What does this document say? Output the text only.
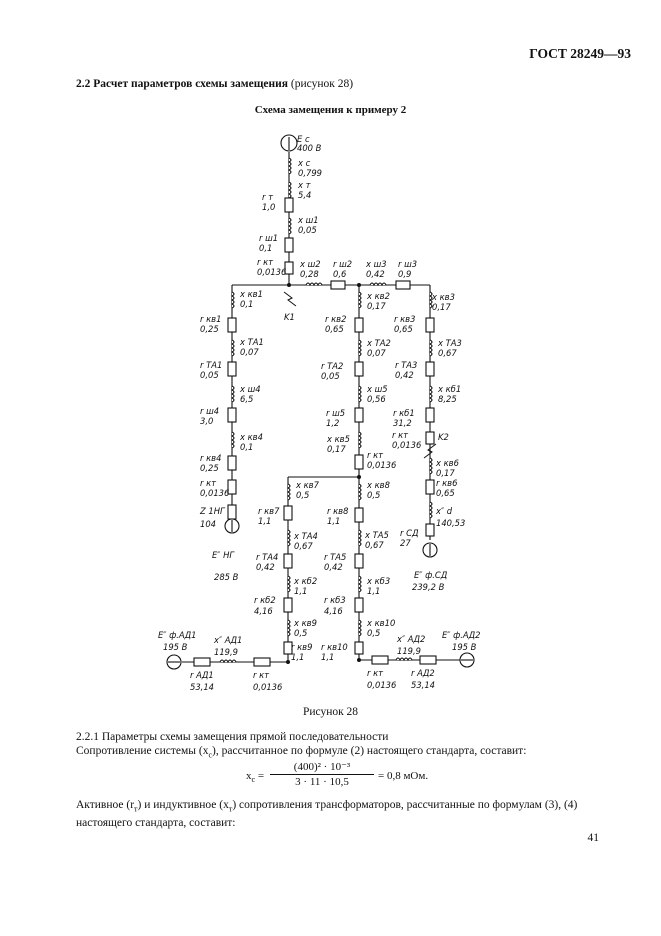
ГОСТ 28249—93
2.2 Расчет параметров схемы замещения (рисунок 28)
Схема замещения к примеру 2
E c
400 В
x c
0,799
x т
5,4
r т
1,0
x ш1
0,05
r ш1
0,1
r кт
0,0136
x ш2
0,28
r ш2
0,6
x ш3
0,42
r ш3
0,9
K1
K2
x кв1
0,1
r кв1
0,25
x ТА1
0,07
r ТА1
0,05
x ш4
6,5
r ш4
3,0
x кв4
0,1
r кв4
0,25
r кт
0,0136
Z 1НГ
104
E″ НГ
285 В
x кв2
0,17
r кв2
0,65
x ТА2
0,07
r ТА2
0,05
x ш5
0,56
r ш5
1,2
x кв5
0,17
r кт
0,0136
x кв3
0,17
r кв3
0,65
x ТА3
0,67
r ТА3
0,42
x кб1
8,25
r кб1
31,2
r кт
0,0136
x кв6
0,17
r кв6
0,65
x″ d
140,53
r СД
27
E″ ф.СД
239,2 В
x кв7
0,5
r кв7
1,1
x ТА4
0,67
r ТА4
0,42
x кб2
1,1
r кб2
4,16
x кв9
0,5
r кв9
1,1
x кв8
0,5
r кв8
1,1
x ТА5
0,67
r ТА5
0,42
x кб3
1,1
r кб3
4,16
x кв10
0,5
r кв10
1,1
E″ ф.АД1
195 В
x″ АД1
119,9
r АД1
53,14
r кт
0,0136
r кт
0,0136
x″ АД2
119,9
E″ ф.АД2
195 В
r АД2
53,14
Рисунок 28
2.2.1 Параметры схемы замещения прямой последовательности
Сопротивление системы $(x_c)$, рассчитанное по формуле (2) настоящего стандарта, составит:
$x_c = \frac{\text{(400)² · 10⁻³}}{3 \cdot 11 \cdot 10,5} = 0,8$ мОм.
Активное $(r_т)$ и индуктивное $(x_т)$ сопротивления трансформаторов, рассчитанные по формулам (3), (4) настоящего стандарта, составит:
41
